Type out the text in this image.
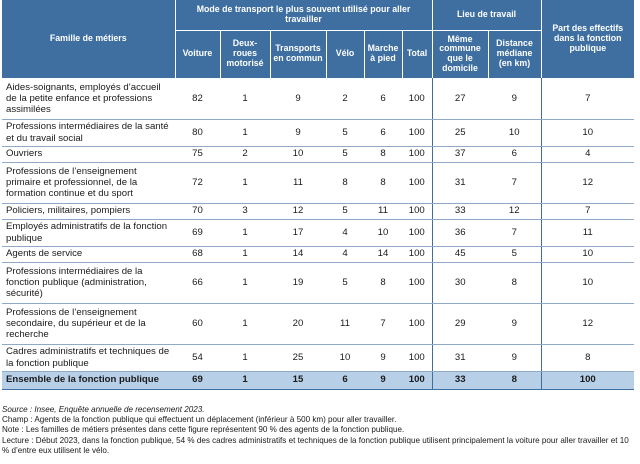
Famille de métiers	Mode de transport le plus souvent utilisé pour aller travailler						Lieu de travail		Part des effectifs dans la fonction publique
	Voiture	Deux-roues motorisé	Transports en commun	Vélo	Marche à pied	Total	Même commune que le domicile	Distance médiane (en km)	
Aides-soignants, employés d’accueil de la petite enfance et professions assimilées	82	1	9	2	6	100	27	9	7
Professions intermédiaires de la santé et du travail social	80	1	9	5	6	100	25	10	10
Ouvriers	75	2	10	5	8	100	37	6	4
Professions de l’enseignement primaire et professionnel, de la formation continue et du sport	72	1	11	8	8	100	31	7	12
Policiers, militaires, pompiers	70	3	12	5	11	100	33	12	7
Employés administratifs de la fonction publique	69	1	17	4	10	100	36	7	11
Agents de service	68	1	14	4	14	100	45	5	10
Professions intermédiaires de la fonction publique (administration, sécurité)	66	1	19	5	8	100	30	8	10
Professions de l’enseignement secondaire, du supérieur et de la recherche	60	1	20	11	7	100	29	9	12
Cadres administratifs et techniques de la fonction publique	54	1	25	10	9	100	31	9	8
Ensemble de la fonction publique	69	1	15	6	9	100	33	8	100
Source : Insee, Enquête annuelle de recensement 2023.
Champ : Agents de la fonction publique qui effectuent un déplacement (inférieur à 500 km) pour aller travailler.
Note : Les familles de métiers présentes dans cette figure représentent 90 % des agents de la fonction publique.
Lecture : Début 2023, dans la fonction publique, 54 % des cadres administratifs et techniques de la fonction publique utilisent principalement la voiture pour aller travailler et 10 % d’entre eux utilisent le vélo.
